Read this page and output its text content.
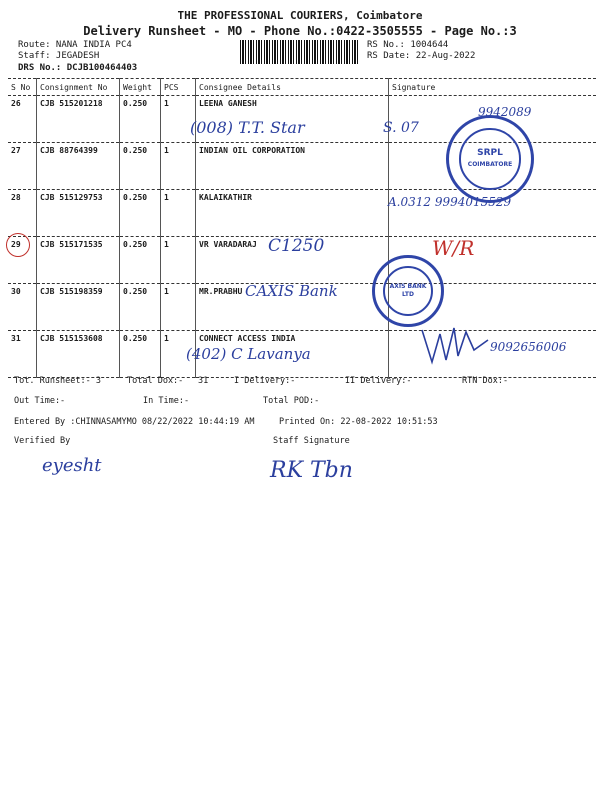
THE PROFESSIONAL COURIERS, Coimbatore
Delivery Runsheet - MO - Phone No.:0422-3505555 - Page No.:3
Route: NANA INDIA PC4
Staff: JEGADESH
DRS No.: DCJB100464403
RS No.: 1004644
RS Date: 22-Aug-2022
S No	Consignment No	Weight	PCS	Consignee Details	Signature
26	CJB 515201218	0.250	1	LEENA GANESH	
27	CJB 88764399	0.250	1	INDIAN OIL CORPORATION	
28	CJB 515129753	0.250	1	KALAIKATHIR	
29	CJB 515171535	0.250	1	VR VARADARAJ	
30	CJB 515198359	0.250	1	MR.PRABHU	
31	CJB 515153608	0.250	1	CONNECT ACCESS INDIA	
(008) T.T. Star	S. 07
9942089
A.0312 9994015529
C1250	W/R
CAXIS Bank
(402) C Lavanya	9092656006
SRPL
COIMBATORE
AXIS BANK LTD
Tot. Runsheet:- 3	Total Dox:- 31	I Delivery:-	II Delivery:-	RTN Dox:-
Out Time:-	In Time:-	Total POD:-
Entered By :CHINNASAMYMO 08/22/2022 10:44:19 AM	Printed On: 22-08-2022 10:51:53
Verified By	Staff Signature
eyesht	RK Tbn
